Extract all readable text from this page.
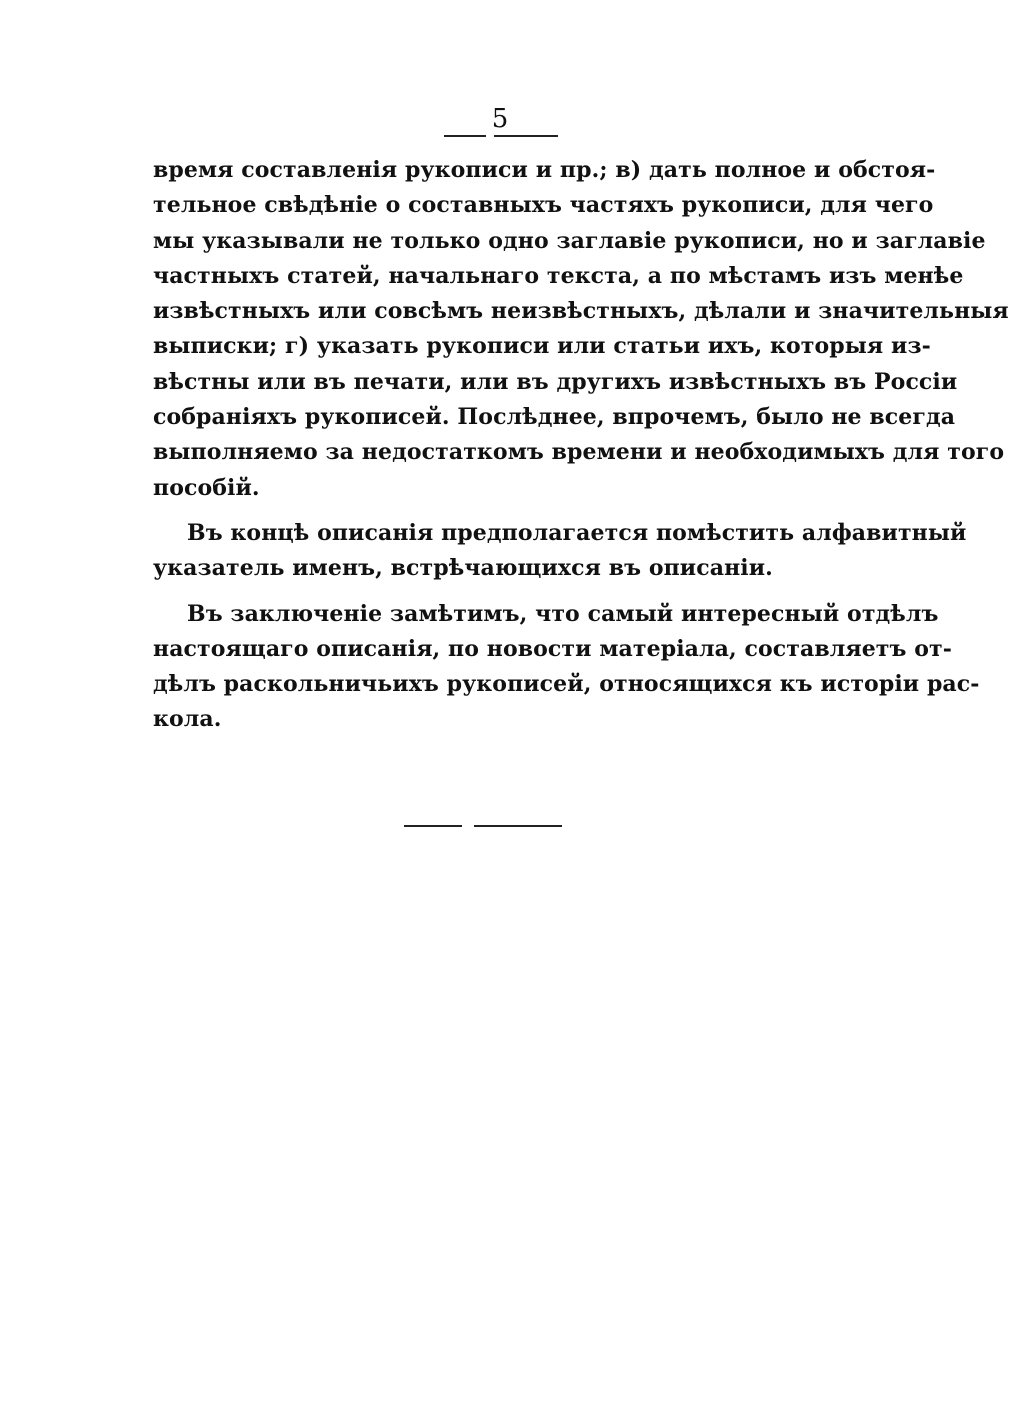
5
время составленія рукописи и пр.; в) дать полное и обстоя-
тельное свѣдѣніе о составныхъ частяхъ рукописи, для чего
мы указывали не только одно заглавіе рукописи, но и заглавіе
частныхъ статей, начальнаго текста, а по мѣстамъ изъ менѣе
извѣстныхъ или совсѣмъ неизвѣстныхъ, дѣлали и значительныя
выписки; г) указать рукописи или статьи ихъ, которыя из-
вѣстны или въ печати, или въ другихъ извѣстныхъ въ Россіи
собраніяхъ рукописей. Послѣднее, впрочемъ, было не всегда
выполняемо за недостаткомъ времени и необходимыхъ для того
пособій.
Въ концѣ описанія предполагается помѣстить алфавитный
указатель именъ, встрѣчающихся въ описаніи.
Въ заключеніе замѣтимъ, что самый интересный отдѣлъ
настоящаго описанія, по новости матеріала, составляетъ от-
дѣлъ раскольничьихъ рукописей, относящихся къ исторіи рас-
кола.
